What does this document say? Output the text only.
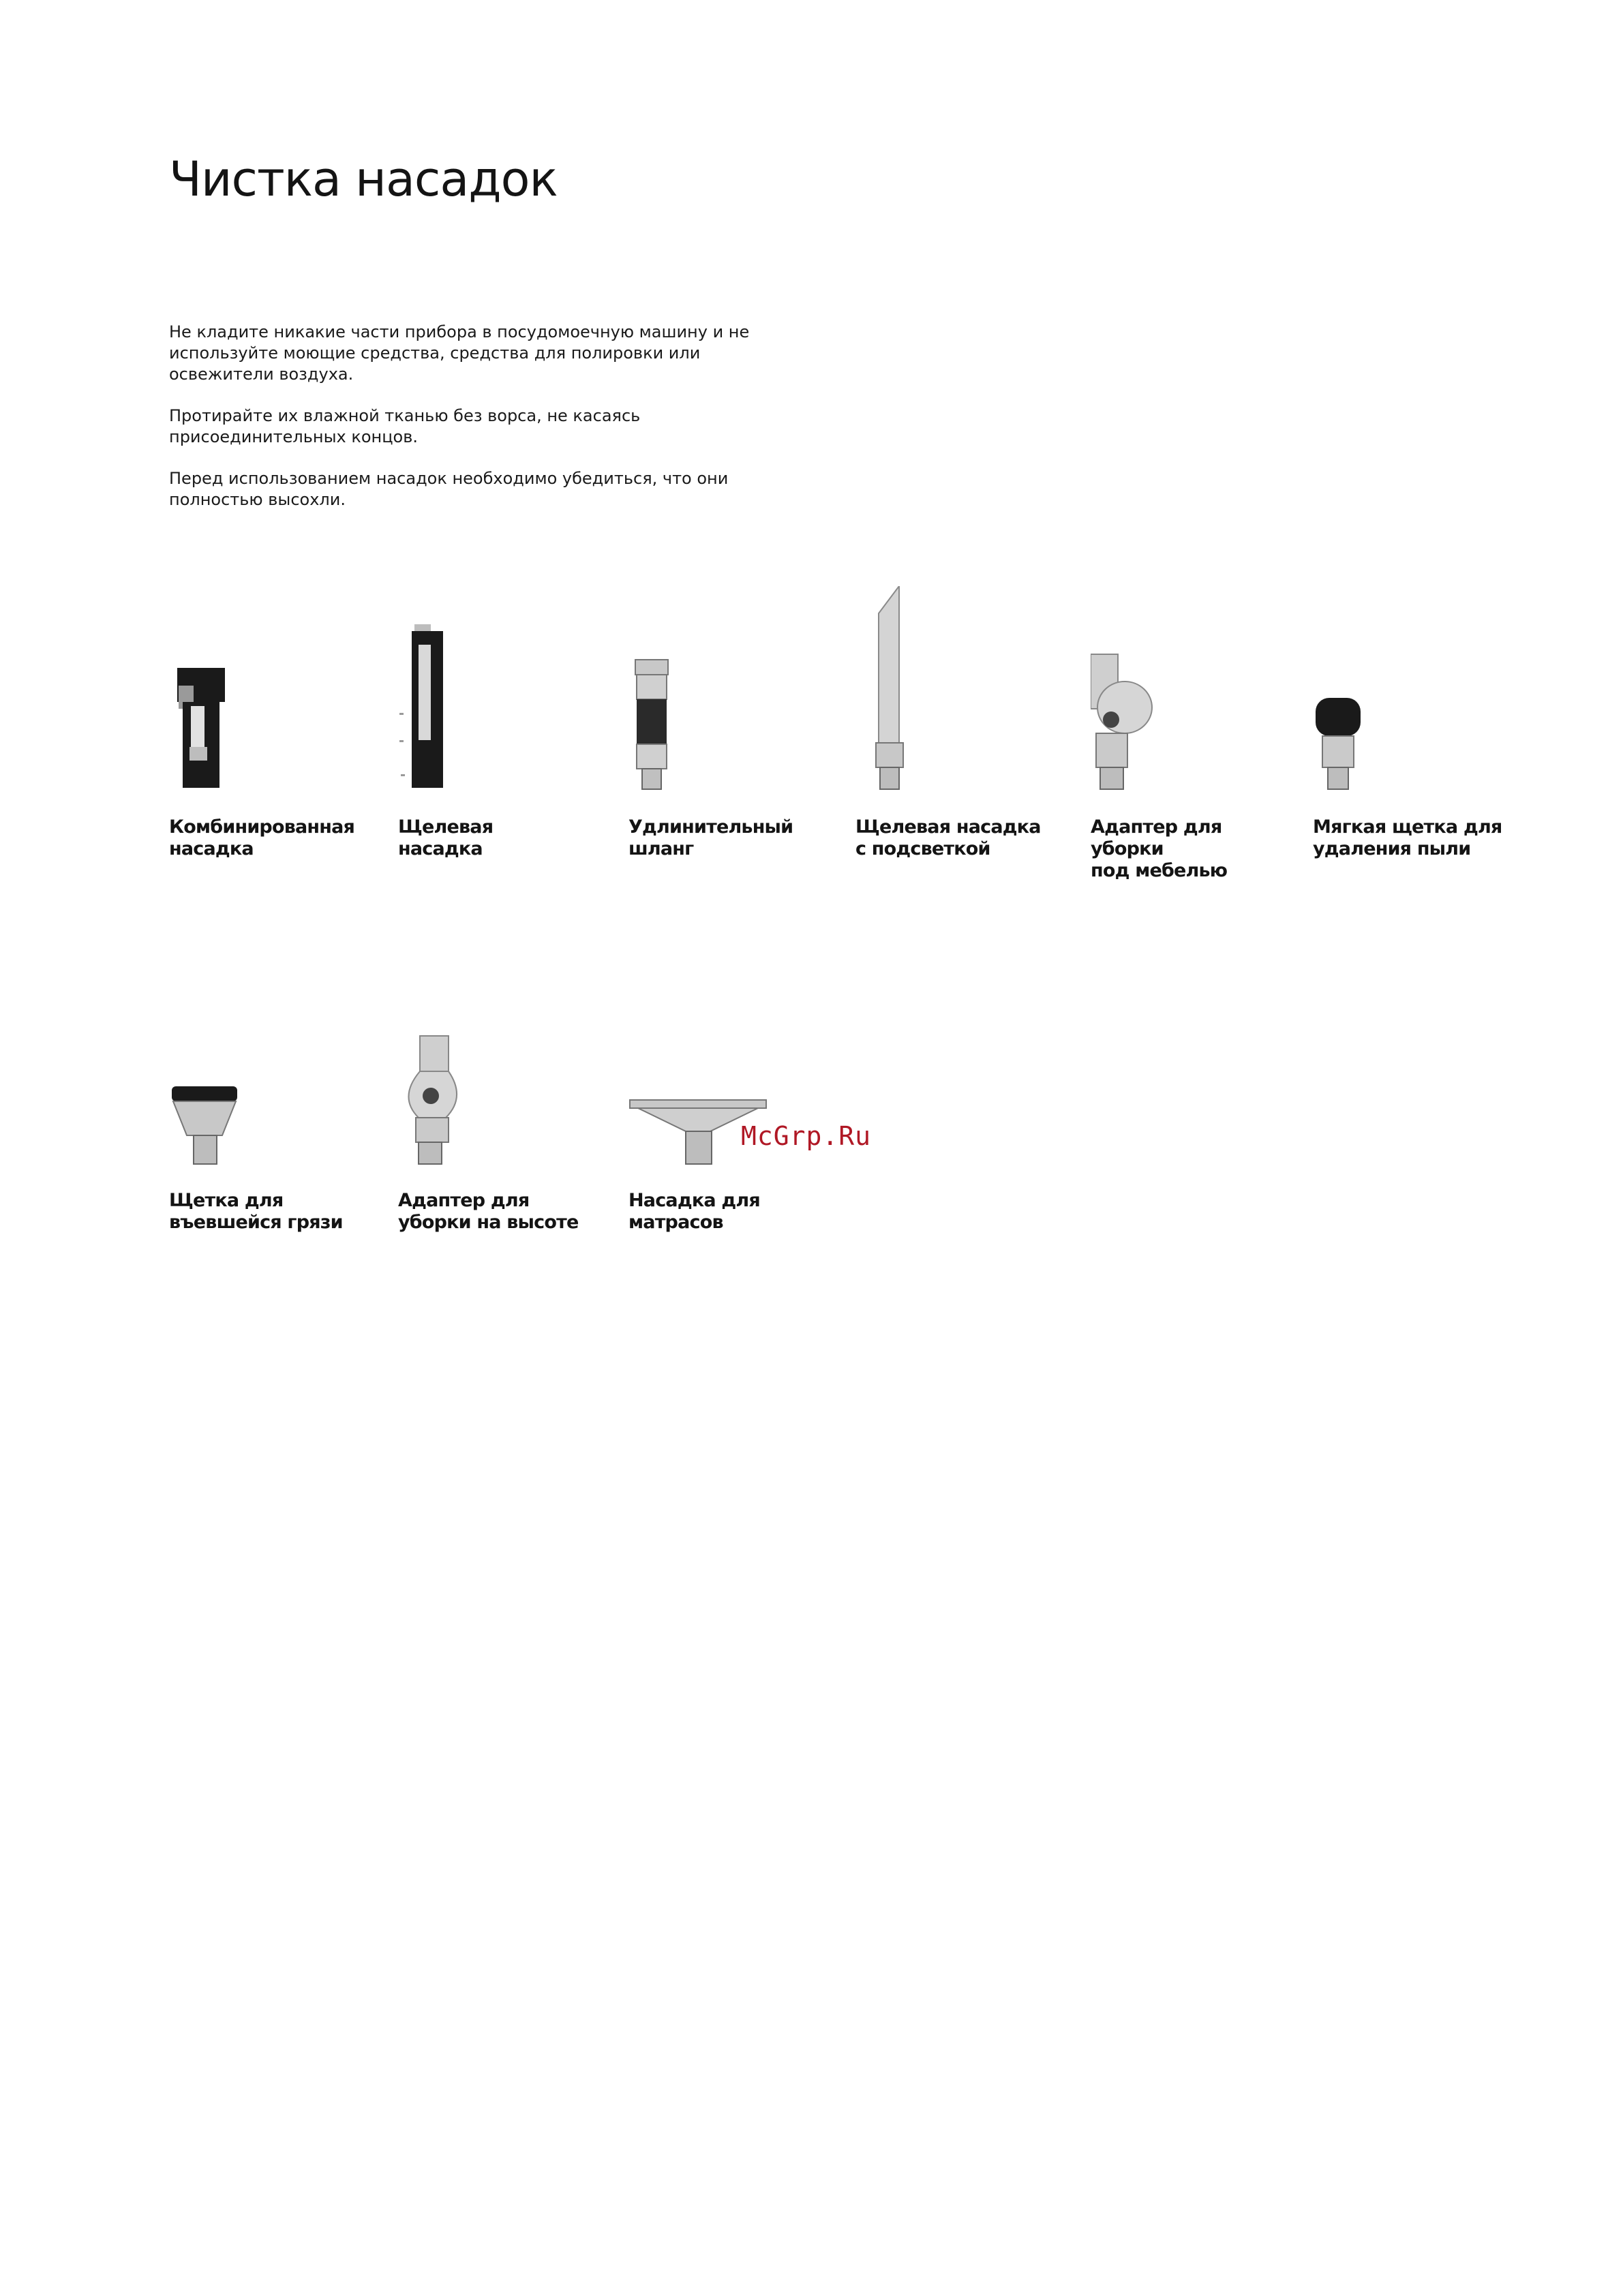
Чистка насадок

Не кладите никакие части прибора в посудомоечную машину и не используйте моющие средства, средства для полировки или освежители воздуха.

Протирайте их влажной тканью без ворса, не касаясь присоединительных концов.

Перед использованием насадок необходимо убедиться, что они полностью высохли.

Комбинированная
насадка

Щелевая
насадка

Удлинительный
шланг

Щелевая насадка
с подсветкой

Адаптер для уборки
под мебелью

Мягкая щетка для
удаления пыли

Щетка для
въевшейся грязи

Адаптер для
уборки на высоте

Насадка для
матрасов

McGrp.Ru
